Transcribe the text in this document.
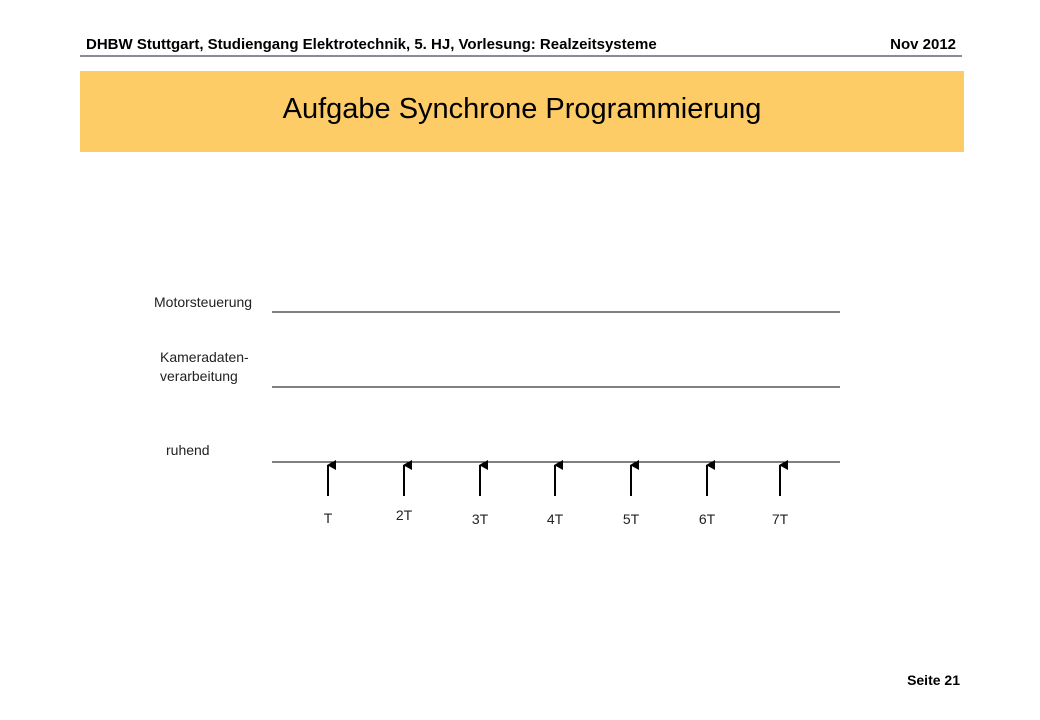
DHBW Stuttgart, Studiengang Elektrotechnik, 5. HJ, Vorlesung: Realzeitsysteme	Nov 2012
Aufgabe Synchrone Programmierung
Motorsteuerung
Kameradaten-
verarbeitung
ruhend
T	2T	3T	4T	5T	6T	7T
Seite 21
